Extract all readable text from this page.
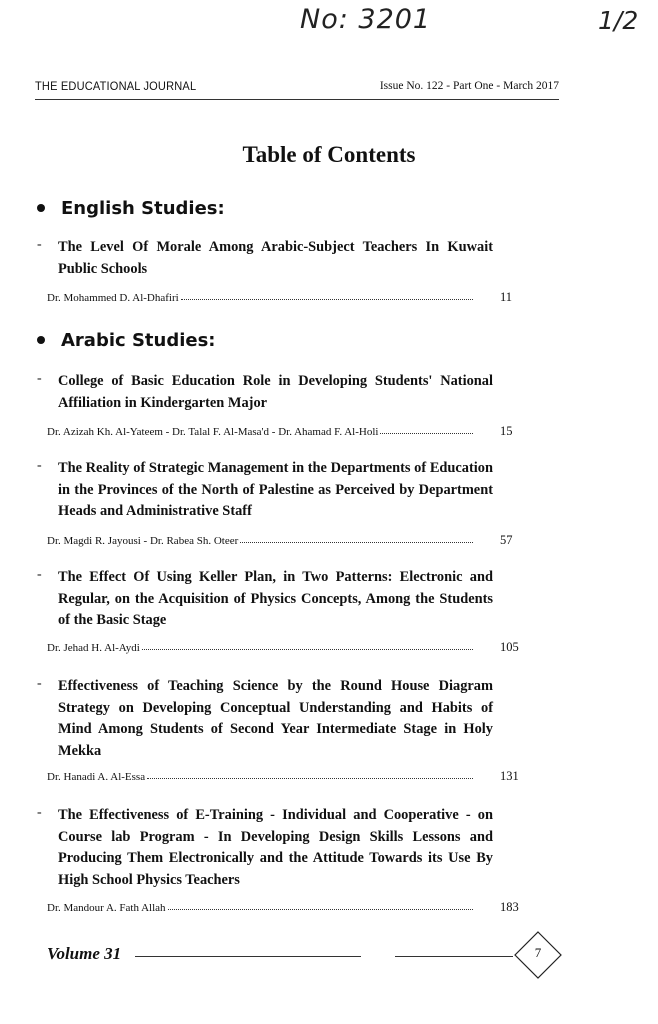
No: 3201	1/2
THE EDUCATIONAL JOURNAL	Issue No. 122 - Part One - March 2017
Table of Contents
English Studies:
- The Level Of Morale Among Arabic-Subject Teachers In Kuwait Public Schools
Dr. Mohammed D. Al-Dhafiri	11
Arabic Studies:
- College of Basic Education Role in Developing Students' National Affiliation in Kindergarten Major
Dr. Azizah Kh. Al-Yateem - Dr. Talal F. Al-Masa'd - Dr. Ahamad F. Al-Holi	15
- The Reality of Strategic Management in the Departments of Education in the Provinces of the North of Palestine as Perceived by Department Heads and Administrative Staff
Dr. Magdi R. Jayousi - Dr. Rabea Sh. Oteer	57
- The Effect Of Using Keller Plan, in Two Patterns: Electronic and Regular, on the Acquisition of Physics Concepts, Among the Students of the Basic Stage
Dr. Jehad H. Al-Aydi	105
- Effectiveness of Teaching Science by the Round House Diagram Strategy on Developing Conceptual Understanding and Habits of Mind Among Students of Second Year Intermediate Stage in Holy Mekka
Dr. Hanadi A. Al-Essa	131
- The Effectiveness of E-Training - Individual and Cooperative - on Course lab Program - In Developing Design Skills Lessons and Producing Them Electronically and the Attitude Towards its Use By High School Physics Teachers
Dr. Mandour A. Fath Allah	183
Volume 31	7
